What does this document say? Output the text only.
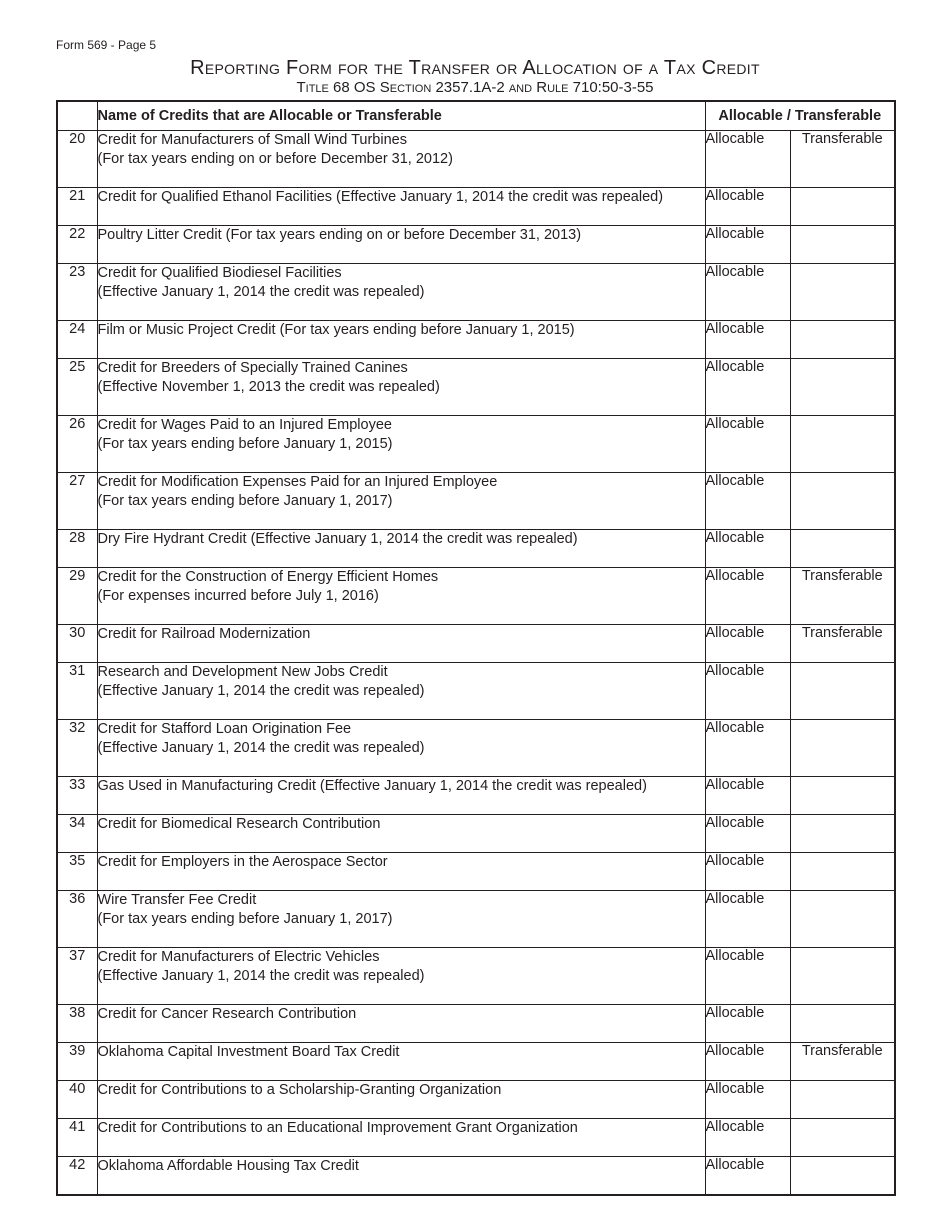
Form 569 - Page 5
Reporting Form for the Transfer or Allocation of a Tax Credit
Title 68 OS Section 2357.1A-2 and Rule 710:50-3-55
	Name of Credits that are Allocable or Transferable	Allocable / Transferable	
20	Credit for Manufacturers of Small Wind Turbines
(For tax years ending on or before December 31, 2012)	Allocable	Transferable
21	Credit for Qualified Ethanol Facilities (Effective January 1, 2014 the credit was repealed)	Allocable	
22	Poultry Litter Credit (For tax years ending on or before December 31, 2013)	Allocable	
23	Credit for Qualified Biodiesel Facilities
(Effective January 1, 2014 the credit was repealed)	Allocable	
24	Film or Music Project Credit (For tax years ending before January 1, 2015)	Allocable	
25	Credit for Breeders of Specially Trained Canines
(Effective November 1, 2013 the credit was repealed)	Allocable	
26	Credit for Wages Paid to an Injured Employee
(For tax years ending before January 1, 2015)	Allocable	
27	Credit for Modification Expenses Paid for an Injured Employee
(For tax years ending before January 1, 2017)	Allocable	
28	Dry Fire Hydrant Credit (Effective January 1, 2014 the credit was repealed)	Allocable	
29	Credit for the Construction of Energy Efficient Homes
(For expenses incurred before July 1, 2016)	Allocable	Transferable
30	Credit for Railroad Modernization	Allocable	Transferable
31	Research and Development New Jobs Credit
(Effective January 1, 2014 the credit was repealed)	Allocable	
32	Credit for Stafford Loan Origination Fee
(Effective January 1, 2014 the credit was repealed)	Allocable	
33	Gas Used in Manufacturing Credit (Effective January 1, 2014 the credit was repealed)	Allocable	
34	Credit for Biomedical Research Contribution	Allocable	
35	Credit for Employers in the Aerospace Sector	Allocable	
36	Wire Transfer Fee Credit
(For tax years ending before January 1, 2017)	Allocable	
37	Credit for Manufacturers of Electric Vehicles
(Effective January 1, 2014 the credit was repealed)	Allocable	
38	Credit for Cancer Research Contribution	Allocable	
39	Oklahoma Capital Investment Board Tax Credit	Allocable	Transferable
40	Credit for Contributions to a Scholarship-Granting Organization	Allocable	
41	Credit for Contributions to an Educational Improvement Grant Organization	Allocable	
42	Oklahoma Affordable Housing Tax Credit	Allocable	
